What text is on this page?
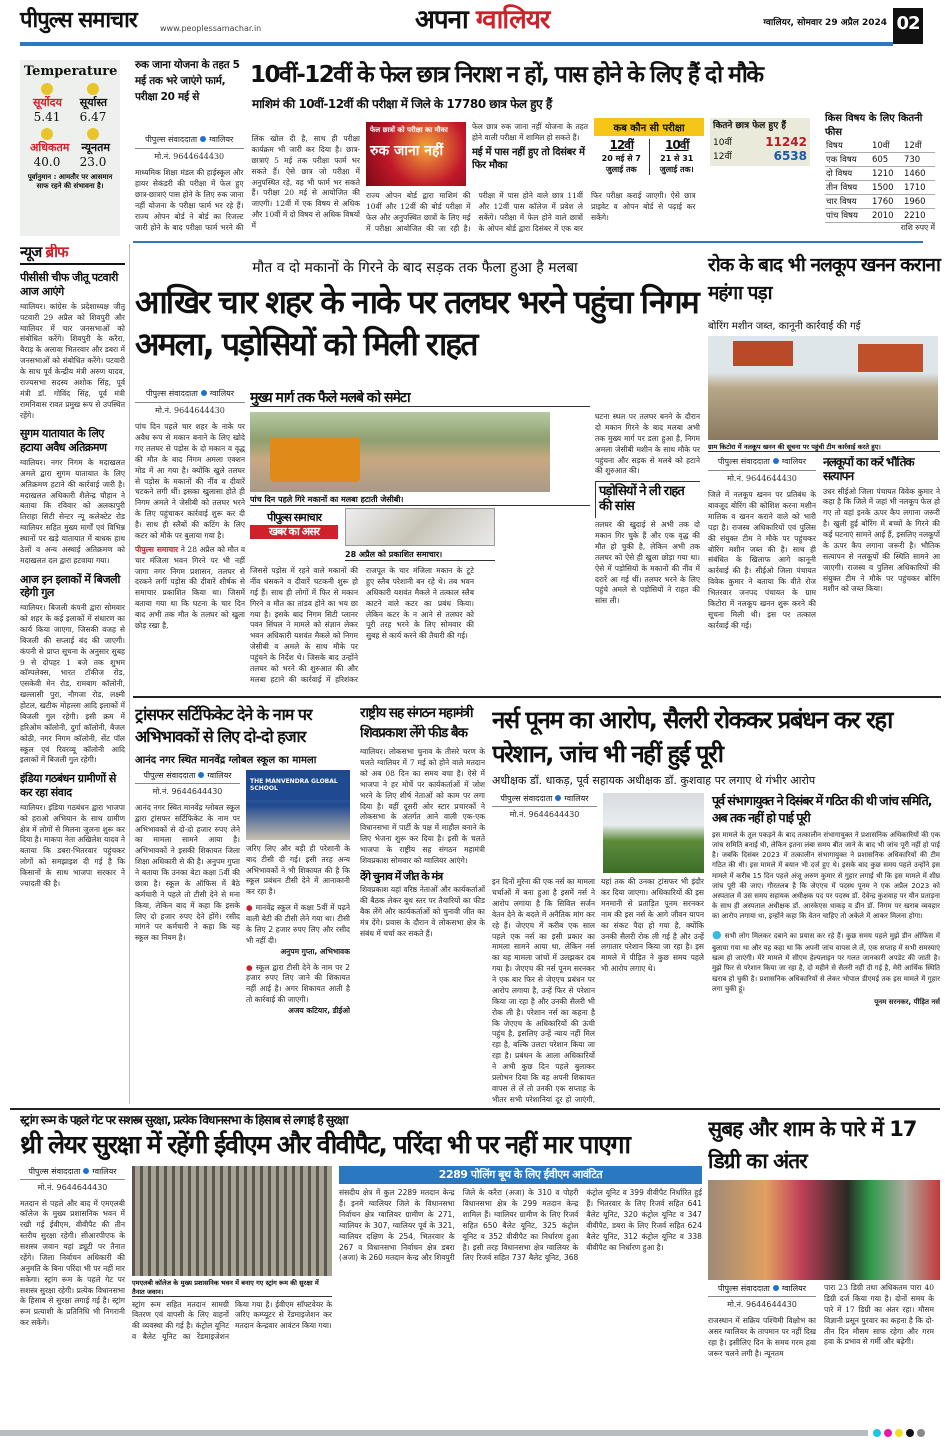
पीपुल्स समाचार	www.peoplessamachar.in	अपना ग्वालियर	ग्वालियर, सोमवार 29 अप्रैल 2024 02
Temperature
सूर्योदय सूर्यास्त
5.41 6.47
अधिकतम न्यूनतम
40.0 23.0
पूर्वानुमान : आमतौर पर आसमान साफ रहने की संभावना है।
रुक जाना योजना के तहत 5 मई तक भरे जाएंगे फार्म, परीक्षा 20 मई से
10वीं-12वीं के फेल छात्र निराश न हों, पास होने के लिए हैं दो मौके
माशिमं की 10वीं-12वीं की परीक्षा में जिले के 17780 छात्र फेल हुए हैं
पीपुल्स संवाददाता ग्वालियर
मो.नं. 9644644430
माध्यमिक शिक्षा मंडल की हाईस्कूल और हायर सेकंडरी की परीक्षा में फेल हुए छात्र-छात्राएं पास होने के लिए रुक जाना नहीं योजना के परीक्षा फार्म भर रहे हैं। राज्य ओपन बोर्ड ने बोर्ड का रिजल्ट जारी होने के बाद परीक्षा फार्म भरने की लिंक खोल दी है, साथ ही परीक्षा कार्यक्रम भी जारी कर दिया है। छात्र-छात्राएं 5 मई तक परीक्षा फार्म भर सकते हैं। ऐसे छात्र जो परीक्षा में अनुपस्थित रहे, वह भी फार्म भर सकते हैं। परीक्षा 20 मई से आयोजित की जाएगी। 12वीं में एक विषय से अधिक और 10वीं में दो विषय से अधिक विषयों में
फेल छात्रों को परीक्षा का मौका
रुक जाना नहीं
फेल छात्र रुक जाना नहीं योजना के तहत होने वाली परीक्षा में शामिल हो सकते हैं।
मई में पास नहीं हुए तो दिसंबर में फिर मौका
राज्य ओपन बोर्ड द्वारा माशिमं की 10वीं और 12वीं की बोर्ड परीक्षा में फेल और अनुपस्थित छात्रों के लिए मई में परीक्षा आयोजित की जा रही है। परीक्षा में पास होने वाले छात्र 11वीं और 12वीं पास कॉलेज में प्रवेश ले सकेंगे। परीक्षा में फेल होने वाले छात्रों के ओपन बोर्ड द्वारा दिसंबर में एक बार फिर परीक्षा कराई जाएगी। ऐसे छात्र प्राइवेट व ओपन बोर्ड से पढ़ाई कर सकेंगे।
कब कौन सी परीक्षा
12वीं
20 मई से 7 जुलाई तक
10वीं
21 से 31 जुलाई तक।
कितने छात्र फेल हुए हैं
10वीं	11242
12वीं	6538
किस विषय के लिए कितनी फीस
विषय	10वीं	12वीं
एक विषय	605	730
दो विषय	1210	1460
तीन विषय	1500	1710
चार विषय	1760	1960
पांच विषय	2010	2210
राशि रुपए में
न्यूज ब्रीफ
पीसीसी चीफ जीतू पटवारी आज आएंगे
ग्वालियर। कांग्रेस के प्रदेशाध्यक्ष जीतू पटवारी 29 अप्रैल को शिवपुरी और ग्वालियर में चार जनसभाओं को संबोधित करेंगे। शिवपुरी के करैरा, बैराड़ के अलावा भितरवार और डबरा में जनसभाओं को संबोधित करेंगे। पटवारी के साथ पूर्व केन्द्रीय मंत्री अरुण यादव, राज्यसभा सदस्य अशोक सिंह, पूर्व मंत्री डॉ. गोविंद सिंह, पूर्व मंत्री रामनिवास रावत प्रमुख रूप से उपस्थित रहेंगे।
सुगम यातायात के लिए हटाया अवैध अतिक्रमण
ग्वालियर। नगर निगम के मदाखलत अमले द्वारा सुगम यातायात के लिए अतिक्रमण हटाने की कार्रवाई जारी है। मदाखलत अधिकारी शैलेन्द्र चौहान ने बताया कि रविवार को अलकापुरी तिराहा सिटी सेन्टर न्यू कलेक्टेट रोड ग्वालियर सहित मुख्य मार्गों एवं विभिन्न स्थानों पर खड़े यातायात में बाधक हाथ ठेलों व अन्य अस्थाई अतिक्रमण को मदाखलत दल द्वारा हटवाया गया।
आज इन इलाकों में बिजली रहेगी गुल
ग्वालियर। बिजली कंपनी द्वारा सोमवार को शहर के कई इलाकों में संधारण का कार्य किया जाएगा, जिसकी वजह से बिजली की सप्लाई बंद की जाएगी। कंपनी से प्राप्त सूचना के अनुसार सुबह 9 से दोपहर 1 बजे तक शुभम कॉम्पलेक्स, भारत टॉकीज रोड, एसकेवी मेन रोड, रामबाग कॉलोनी, खल्लासी पुरा, नौगजा रोड, लक्ष्मी होटल, खटीक मोहल्ला आदि इलाकों में बिजली गुल रहेगी। इसी क्रम में हरिओम कॉलोनी, दुर्गा कॉलोनी, बैजल कोठी, नगर निगम कॉलोनी, सेंट पॉल स्कूल एवं रिवरव्यू कॉलोनी आदि इलाकों में बिजली गुल रहेगी।
इंडिया गठबंधन ग्रामीणों से कर रहा संवाद
ग्वालियर। इंडिया गठबंधन द्वारा भाजपा को हराओ अभियान के साथ ग्रामीण क्षेत्र में लोगों से मिलना जुलना शुरू कर दिया है। माकपा नेता अखिलेश यादव ने बताया कि डबरा-भितरवार पहुंचकर लोगों को समझाइश दी गई है कि किसानों के साथ भाजपा सरकार ने ज्यादती की है।
मौत व दो मकानों के गिरने के बाद सड़क तक फैला हुआ है मलबा
आखिर चार शहर के नाके पर तलघर भरने पहुंचा निगम अमला, पड़ोसियों को मिली राहत
पीपुल्स संवाददाता ग्वालियर
मो.नं. 9644644430
पांच दिन पहले चार शहर के नाके पर अवैध रूप से मकान बनाने के लिए खोदे गए तलघर से पड़ोस के दो मकान व वृद्ध की मौत के बाद निगम अमला एक्शन मोड में आ गया है। क्योंकि खुले तलघर से पड़ोस के मकानों की नींव व दीवारें चटकने लगी थीं। इसका खुलासा होते ही निगम अमले ने जेसीबी को तलघर भरने के लिए पहुंचाकर कार्रवाई शुरू कर दी है। साथ ही स्लैबों की कटिंग के लिए कटर को मौके पर बुलाया गया है।
पीपुल्स समाचार ने 28 अप्रैल को मौत व चार मंजिला भवन गिरने पर भी नहीं जागा नगर निगम प्रशासन, तलघर से दरकने लगीं पड़ोस की दीवारें शीर्षक से समाचार प्रकाशित किया था। जिसमें बताया गया था कि घटना के चार दिन बाद अभी तक मौत के तलघर को खुला छोड़ रखा है,
मुख्य मार्ग तक फैले मलबे को समेटा
पांच दिन पहले गिरे मकानों का मलबा हटाती जेसीबी।
पीपुल्स समाचार
खबर का असर
28 अप्रैल को प्रकाशित समाचार।
जिससे पड़ोस में रहने वाले मकानों की नींव धंसकने व दीवारें चटकनी शुरू हो गई हैं। साथ ही लोगों में फिर से मकान गिरने व मौत का तांडव होने का भय छा गया है। इसके बाद निगम सिटी प्लानर पवन सिंघल ने मामले को संज्ञान लेकर भवन अधिकारी यशवंत मैकले को निगम जेसीबी व अमले के साथ मौके पर पहुंचने के निर्देश थे। जिसके बाद उन्होंने तलघर को भरने की शुरुआत की और मलबा हटाने की कार्रवाई में हरिशंकर राजपूत के चार मंजिला मकान के टूटे हुए स्लैब परेशानी बन रहे थे। तब भवन अधिकारी यशवंत मैकले ने तत्काल स्लैब काटने वाले कटर का प्रबंध किया। लेकिन कटर के न आने से तलघर को पूरी तरह भरने के लिए सोमवार की सुबह से कार्य करने की तैयारी की गई।
घटना स्थल पर तलघर बनने के दौरान दो मकान गिरने के बाद मलबा अभी तक मुख्य मार्ग पर डला हुआ है, निगम अमला जेसीबी मशीन के साथ मौके पर पहुंचना और सड़क से मलबे को हटाने की शुरुआत की।
पड़ोसियों ने ली राहत की सांस
तलघर की खुदाई से अभी तक दो मकान गिर चुके हैं और एक वृद्ध की मौत हो चुकी है, लेकिन अभी तक तलघर को ऐसे ही खुला छोड़ा गया था। ऐसे में पड़ोसियों के मकानों की नींव में दरारें आ गई थीं। तलघर भरने के लिए पहुंचे अमले से पड़ोसियों ने राहत की सांस ली।
रोक के बाद भी नलकूप खनन कराना महंगा पड़ा
बोरिंग मशीन जब्त, कानूनी कार्रवाई की गई
ग्राम किटोरा में नलकूप खनन की सूचना पर पहुंची टीम कार्रवाई करते हुए।
पीपुल्स संवाददाता ग्वालियर
मो.नं. 9644644430
जिले में नलकूप खनन पर प्रतिबंध के बावजूद बोरिंग की कोशिश करना मशीन मालिक व खनन कराने वाले को भारी पड़ा है। राजस्व अधिकारियों एवं पुलिस की संयुक्त टीम ने मौके पर पहुंचकर बोरिंग मशीन जब्त की है। साथ ही संबंधित के खिलाफ आगे कानूनी कार्रवाई की है। सीईओ जिला पंचायत विवेक कुमार ने बताया कि वीते रोज भितरवार जनपद पंचायत के ग्राम किटोरा में नलकूप खनन शुरू करने की सूचना मिली थी। इस पर तत्काल कार्रवाई की गई।
नलकूपों का करें भौतिक सत्यापन
उधर सीईओ जिला पंचायत विवेक कुमार ने कहा है कि जिले में जहां भी नलकूप फेल हो गए तो वहां इनके ऊपर कैप लगाना जरूरी है। खुली हुई बोरिंग में बच्चों के गिरने की कई घटनाएं सामने आई हैं, इसलिए नलकूपों के ऊपर कैप लगाना जरूरी है। भौतिक सत्यापन से नलकूपों की स्थिति सामने आ जाएगी। राजस्व व पुलिस अधिकारियों की संयुक्त टीम ने मौके पर पहुंचकर बोरिंग मशीन को जब्त किया।
ट्रांसफर सर्टिफिकेट देने के नाम पर अभिभावकों से लिए दो-दो हजार
आनंद नगर स्थित मानवेंद्र ग्लोबल स्कूल का मामला
पीपुल्स संवाददाता ग्वालियर
मो.नं. 9644644430
आनंद नगर स्थित मानवेंद्र ग्लोबल स्कूल द्वारा ट्रांसफर सर्टिफिकेट के नाम पर अभिभावकों से दो-दो हजार रुपए लेने का मामला सामने आया है। अभिभावकों ने इसकी शिकायत जिला शिक्षा अधिकारी से की है। अनुपम गुप्ता ने बताया कि उनका बेटा कक्षा 5वीं की छात्रा है। स्कूल के ऑफिस में बैठे कर्मचारी ने पहले तो टीसी देने से मना किया, लेकिन बाद में कहा कि इसके लिए दो हजार रुपए देने होंगे। रसीद मांगने पर कर्मचारी ने कहा कि यह स्कूल का नियम है।
THE MANVENDRA GLOBAL SCHOOL
जरिए लिए और बड़ी ही परेशानी के बाद टीसी दी गई। इसी तरह अन्य अभिभावकों ने भी शिकायत की है कि स्कूल प्रबंधन टीसी देने में आनाकानी कर रहा है।
● मानवेंद्र स्कूल में कक्षा 5वीं में पढ़ने वाली बेटी की टीसी लेने गया था। टीसी के लिए 2 हजार रुपए लिए और रसीद भी नहीं दी।
अनुपम गुप्ता, अभिभावक
● स्कूल द्वारा टीसी देने के नाम पर 2 हजार रुपए लिए जाने की शिकायत नहीं आई है। अगर शिकायत आती है तो कार्रवाई की जाएगी।
अजय कटियार, डीईओ
राष्ट्रीय सह संगठन महामंत्री शिवप्रकाश लेंगे फीड बैक
ग्वालियर। लोकसभा चुनाव के तीसरे चरण के चलते ग्वालियर में 7 मई को होने वाले मतदान को अब 08 दिन का समय बचा है। ऐसे में भाजपा ने हर मोर्चे पर कार्यकर्ताओं में जोश भरने के लिए शीर्ष नेताओं को काम पर लगा दिया है। वहीं दूसरी ओर स्टार प्रचारकों ने लोकसभा के अंतर्गत आने वाली एक-एक विधानसभा में पार्टी के पक्ष में माहौल बनाने के लिए भेजना शुरू कर दिया है। इसी के चलते भाजपा के राष्ट्रीय सह संगठन महामंत्री शिवप्रकाश सोमवार को ग्वालियर आएंगे।
देंगे चुनाव में जीत के मंत्र
शिवप्रकाश यहां वरिष्ठ नेताओं और कार्यकर्ताओं की बैठक लेकर बूथ स्तर पर तैयारियों का फीड बैक लेंगे और कार्यकर्ताओं को चुनावी जीत का मंत्र देंगे। प्रवास के दौरान वे लोकसभा क्षेत्र के संबंध में चर्चा कर सकते हैं।
नर्स पूनम का आरोप, सैलरी रोककर प्रबंधन कर रहा परेशान, जांच भी नहीं हुई पूरी
अधीक्षक डॉ. धाकड़, पूर्व सहायक अधीक्षक डॉ. कुशवाह पर लगाए थे गंभीर आरोप
पीपुल्स संवाददाता ग्वालियर
मो.नं. 9644644430
इन दिनों मुरैना की एक नर्स का मामला चर्चाओं में बना हुआ है इसमें नर्स ने आरोप लगाया है कि सिविल सर्जन वेतन देने के बदले में अनैतिक मांग कर रहे हैं। जेएएच में करीब एक साल पहले एक नर्स का इसी प्रकार का मामला सामने आया था, लेकिन नर्स का यह मामला जांचों में उलझकर दब गया है। जेएएच की नर्स पूनम सरनकर ने एक बार फिर से जेएएच प्रबंधन पर आरोप लगाया है, उन्हें फिर से परेशान किया जा रहा है और उनकी सैलरी भी रोक ली है। परेशान नर्स का कहना है कि जेएएच के अधिकारियों की ऊंची पहुंच है, इसलिए उन्हें न्याय नहीं मिल रहा है, बल्कि उलटा परेशान किया जा रहा है। प्रबंधन के आला अधिकारियों ने अभी कुछ दिन पहले बुलाकर प्रलोभन दिया कि वह अपनी शिकायत वापस ले लें तो उनकी एक सप्ताह के भीतर सभी परेशानियां दूर हो जाएंगी, यहां तक की उनका ट्रांसफर भी इंदौर कर दिया जाएगा। अधिकारियों की इस मनमानी से प्रताड़ित पूनम सरनकर नाम की इस नर्स के आगे जीवन यापन का संकट पैदा हो गया है, क्योंकि उनकी सैलरी रोक ली गई है और उन्हें लगातार परेशान किया जा रहा है। इस मामले में पीड़ित ने कुछ समय पहले भी आरोप लगाए थे।
पूर्व संभागायुक्त ने दिसंबर में गठित की थी जांच समिति, अब तक नहीं हो पाई पूरी
इस मामले के तूल पकड़ने के बाद तत्कालीन संभागायुक्त ने प्रशासनिक अधिकारियों की एक जांच समिति बनाई थी, लेकिन इतना लंबा समय बीत जाने के बाद भी जांच पूरी नहीं हो पाई है। जबकि दिसंबर 2023 में तत्कालीन संभागायुक्त ने प्रशासनिक अधिकारियों की टीम गठित की थी। इस मामले में बयान भी दर्ज हुए थे। इसके बाद कुछ समय पहले उन्होंने इस मामले में करीब 15 दिन पहले अंजू अरुण कुमार से गुहार लगाई थी कि इस मामले में शीघ्र जांच पूरी की जाए। गौरतलब है कि जेएएच में पदस्थ पूनम ने एक अप्रैल 2023 को अस्पताल में उस समय सहायक अधीक्षक पद पर पदस्थ डॉ. देवेन्द्र कुशवाह पर यौन प्रताड़ना के साथ ही अस्पताल अधीक्षक डॉ. आरकेएस धाकड़ व डीन डॉ. निगम पर खराब व्यवहार का आरोप लगाया था, इन्होंने कहा कि वेतन चाहिए तो अकेले में आकर मिलना होगा।
● सभी लोग मिलकर दबाने का प्रयास कर रहे हैं। कुछ समय पहले मुझे डीन ऑफिस में बुलाया गया था और यह कहा था कि अपनी जांच वापस ले लें, एक सप्ताह में सभी समस्याएं खत्म हो जाएंगी। मेरे मामले में सीएम हेल्पलाइन पर गलत जानकारी अपडेट की जाती है। मुझे फिर से परेशान किया जा रहा है, दो महीने से सैलरी नहीं दी गई है, मेरी आर्थिक स्थिति खराब हो चुकी है। प्रशासनिक अधिकारियों से लेकर भोपाल डीएमई तक इस मामले में गुहार लगा चुकी हूं।
पूनम सरनकर, पीड़ित नर्स
स्ट्रांग रूम के पहले गेट पर सशस्त्र सुरक्षा, प्रत्येक विधानसभा के हिसाब से लगाई है सुरक्षा
थ्री लेयर सुरक्षा में रहेंगी ईवीएम और वीवीपैट, परिंदा भी पर नहीं मार पाएगा
पीपुल्स संवाददाता ग्वालियर
मो.नं. 9644644430
मतदान से पहले और बाद में एमएलबी कॉलेज के मुख्य प्रशासनिक भवन में रखी गई ईवीएम, वीवीपैट की तीन स्तरीय सुरक्षा रहेगी। सीआरपीएफ के सशस्त्र जवान यहां ड्यूटी पर तैनात रहेंगे। जिला निर्वाचन अधिकारी की अनुमति के बिना परिंदा भी पर नहीं मार सकेगा। स्ट्रांग रूम के पहले गेट पर सशस्त्र सुरक्षा रहेगी। प्रत्येक विधानसभा के हिसाब से सुरक्षा लगाई गई है। स्ट्रांग रूम प्रत्याशी के प्रतिनिधि भी निगरानी कर सकेंगे।
एमएलबी कॉलेज के मुख्य प्रशासनिक भवन में बनाए गए स्ट्रांग रूम की सुरक्षा में तैनात जवान।
स्ट्रांग रूम सहित मतदान सामग्री वितरण एवं वापसी के लिए वाहनों की व्यवस्था की गई है। कंट्रोल यूनिट व बैलेट यूनिट का रेंडमाइजेशन किया गया है। ईवीएम सॉफ्टवेयर के जरिए कम्प्यूटर से रेंडमाइजेशन कर मतदान केन्द्रवार आवंटन किया गया।
2289 पोलिंग बूथ के लिए ईवीएम आवंटित
संसदीय क्षेत्र में कुल 2289 मतदान केन्द्र हैं। इनमें ग्वालियर जिले के विधानसभा निर्वाचन क्षेत्र ग्वालियर ग्रामीण के 271, ग्वालियर के 307, ग्वालियर पूर्व के 321, ग्वालियर दक्षिण के 254, भितरवार के 267 व विधानसभा निर्वाचन क्षेत्र डबरा (अजा) के 260 मतदान केन्द्र और शिवपुरी जिले के करैरा (अजा) के 310 व पोहरी विधानसभा क्षेत्र के 299 मतदान केन्द्र शामिल हैं। ग्वालियर ग्रामीण के लिए रिजर्व सहित 650 बैलेट यूनिट, 325 कंट्रोल यूनिट व 352 वीवीपैट का निर्धारण हुआ है। इसी तरह विधानसभा क्षेत्र ग्वालियर के लिए रिजर्व सहित 737 बैलेट यूनिट, 368 कंट्रोल यूनिट व 399 वीवीपैट निर्धारित हुई हैं। भितरवार के लिए रिजर्व सहित 641 बैलेट यूनिट, 320 कंट्रोल यूनिट व 347 वीवीपैट, डबरा के लिए रिजर्व सहित 624 बैलेट यूनिट, 312 कंट्रोल यूनिट व 338 वीवीपैट का निर्धारण हुआ है।
सुबह और शाम के पारे में 17 डिग्री का अंतर
पीपुल्स संवाददाता ग्वालियर
मो.नं. 9644644430
राजस्थान में सक्रिय पश्चिमी विक्षोभ का असर ग्वालियर के तापमान पर नहीं दिख रहा है। इसीलिए दिन के समय गरम हवा जरूर चलने लगी है। न्यूनतम
पारा 23 डिग्री तथा अधिकतम पारा 40 डिग्री दर्ज किया गया है। दोनों समय के पारे में 17 डिग्री का अंतर रहा। मौसम विज्ञानी प्रसून पुरवार का कहना है कि दो-तीन दिन मौसम साफ रहेगा और गरम हवा के प्रभाव से गर्मी और बढ़ेगी।
